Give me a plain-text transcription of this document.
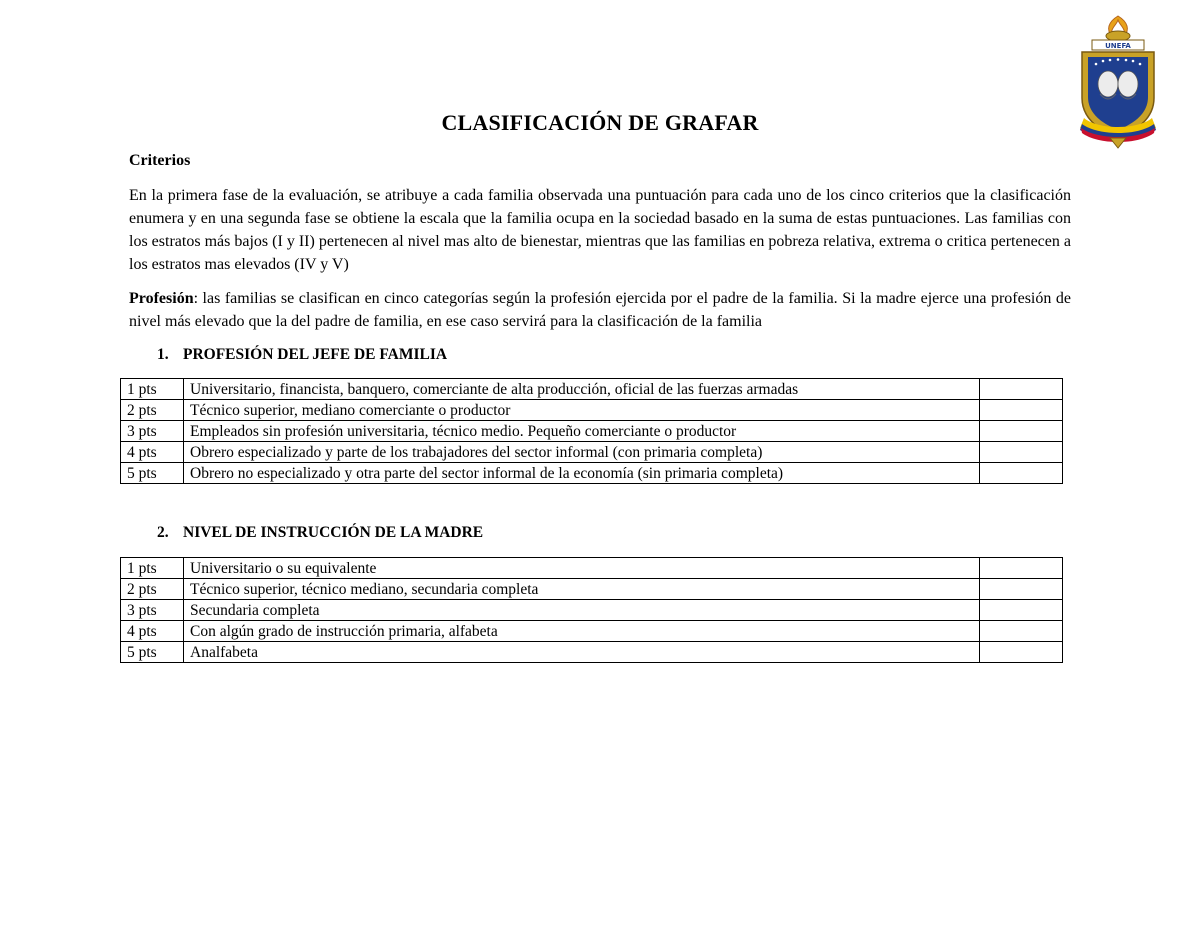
UNEFA
CLASIFICACIÓN DE GRAFAR
Criterios

En la primera fase de la evaluación, se atribuye a cada familia observada una puntuación para cada uno de los cinco criterios que la clasificación enumera y en una segunda fase se obtiene la escala que la familia ocupa en la sociedad basado en la suma de estas puntuaciones. Las familias con los estratos más bajos (I y II) pertenecen al nivel mas alto de bienestar, mientras que las familias en pobreza relativa, extrema o critica pertenecen a los estratos mas elevados (IV y V)

Profesión: las familias se clasifican en cinco categorías según la profesión ejercida por el padre de la familia. Si la madre ejerce una profesión de nivel más elevado que la del padre de familia, en ese caso servirá para la clasificación de la familia

1. PROFESIÓN DEL JEFE DE FAMILIA
1 pts	Universitario, financista, banquero, comerciante de alta producción, oficial de las fuerzas armadas	
2 pts	Técnico superior, mediano comerciante o productor	
3 pts	Empleados sin profesión universitaria, técnico medio. Pequeño comerciante o productor	
4 pts	Obrero especializado y parte de los trabajadores del sector informal (con primaria completa)	
5 pts	Obrero no especializado y otra parte del sector informal de la economía (sin primaria completa)	
2. NIVEL DE INSTRUCCIÓN DE LA MADRE
1 pts	Universitario o su equivalente	
2 pts	Técnico superior, técnico mediano, secundaria completa	
3 pts	Secundaria completa	
4 pts	Con algún grado de instrucción primaria, alfabeta	
5 pts	Analfabeta	
